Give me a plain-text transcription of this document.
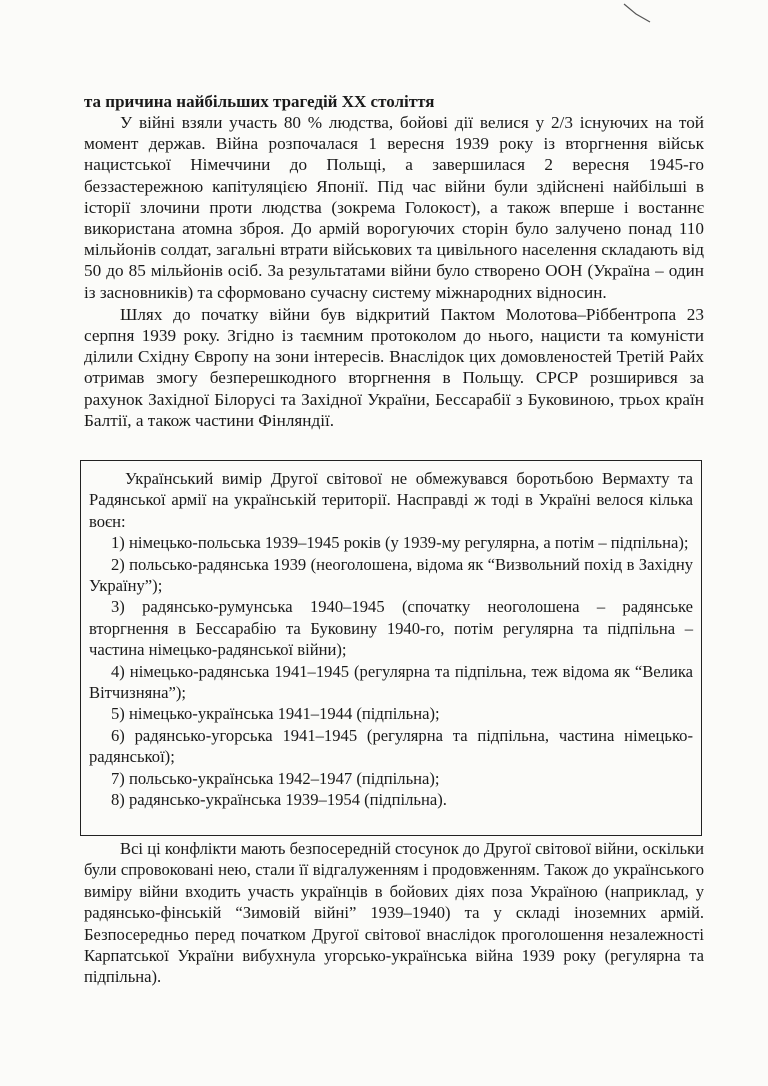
та причина найбільших трагедій XX століття

У війні взяли участь 80 % людства, бойові дії велися у 2/3 існуючих на той момент держав. Війна розпочалася 1 вересня 1939 року із вторгнення військ нацистської Німеччини до Польщі, а завершилася 2 вересня 1945-го беззастережною капітуляцією Японії. Під час війни були здійснені найбільші в історії злочини проти людства (зокрема Голокост), а також вперше і востаннє використана атомна зброя. До армій ворогуючих сторін було залучено понад 110 мільйонів солдат, загальні втрати військових та цивільного населення складають від 50 до 85 мільйонів осіб. За результатами війни було створено ООН (Україна – один із засновників) та сформовано сучасну систему міжнародних відносин.

Шлях до початку війни був відкритий Пактом Молотова–Ріббентропа 23 серпня 1939 року. Згідно із таємним протоколом до нього, нацисти та комуністи ділили Східну Європу на зони інтересів. Внаслідок цих домовленостей Третій Райх отримав змогу безперешкодного вторгнення в Польщу. СРСР розширився за рахунок Західної Білорусі та Західної України, Бессарабії з Буковиною, трьох країн Балтії, а також частини Фінляндії.

Український вимір Другої світової не обмежувався боротьбою Вермахту та Радянської армії на українській території. Насправді ж тоді в Україні велося кілька воєн:

1) німецько-польська 1939–1945 років (у 1939-му регулярна, а потім – підпільна);

2) польсько-радянська 1939 (неоголошена, відома як “Визвольний похід в Західну Україну”);

3) радянсько-румунська 1940–1945 (спочатку неоголошена – радянське вторгнення в Бессарабію та Буковину 1940-го, потім регулярна та підпільна – частина німецько-радянської війни);

4) німецько-радянська 1941–1945 (регулярна та підпільна, теж відома як “Велика Вітчизняна”);

5) німецько-українська 1941–1944 (підпільна);

6) радянсько-угорська 1941–1945 (регулярна та підпільна, частина німецько-радянської);

7) польсько-українська 1942–1947 (підпільна);

8) радянсько-українська 1939–1954 (підпільна).

Всі ці конфлікти мають безпосередній стосунок до Другої світової війни, оскільки були спровоковані нею, стали її відгалуженням і продовженням. Також до українського виміру війни входить участь українців в бойових діях поза Україною (наприклад, у радянсько-фінській “Зимовій війні” 1939–1940) та у складі іноземних армій. Безпосередньо перед початком Другої світової внаслідок проголошення незалежності Карпатської України вибухнула угорсько-українська війна 1939 року (регулярна та підпільна).
